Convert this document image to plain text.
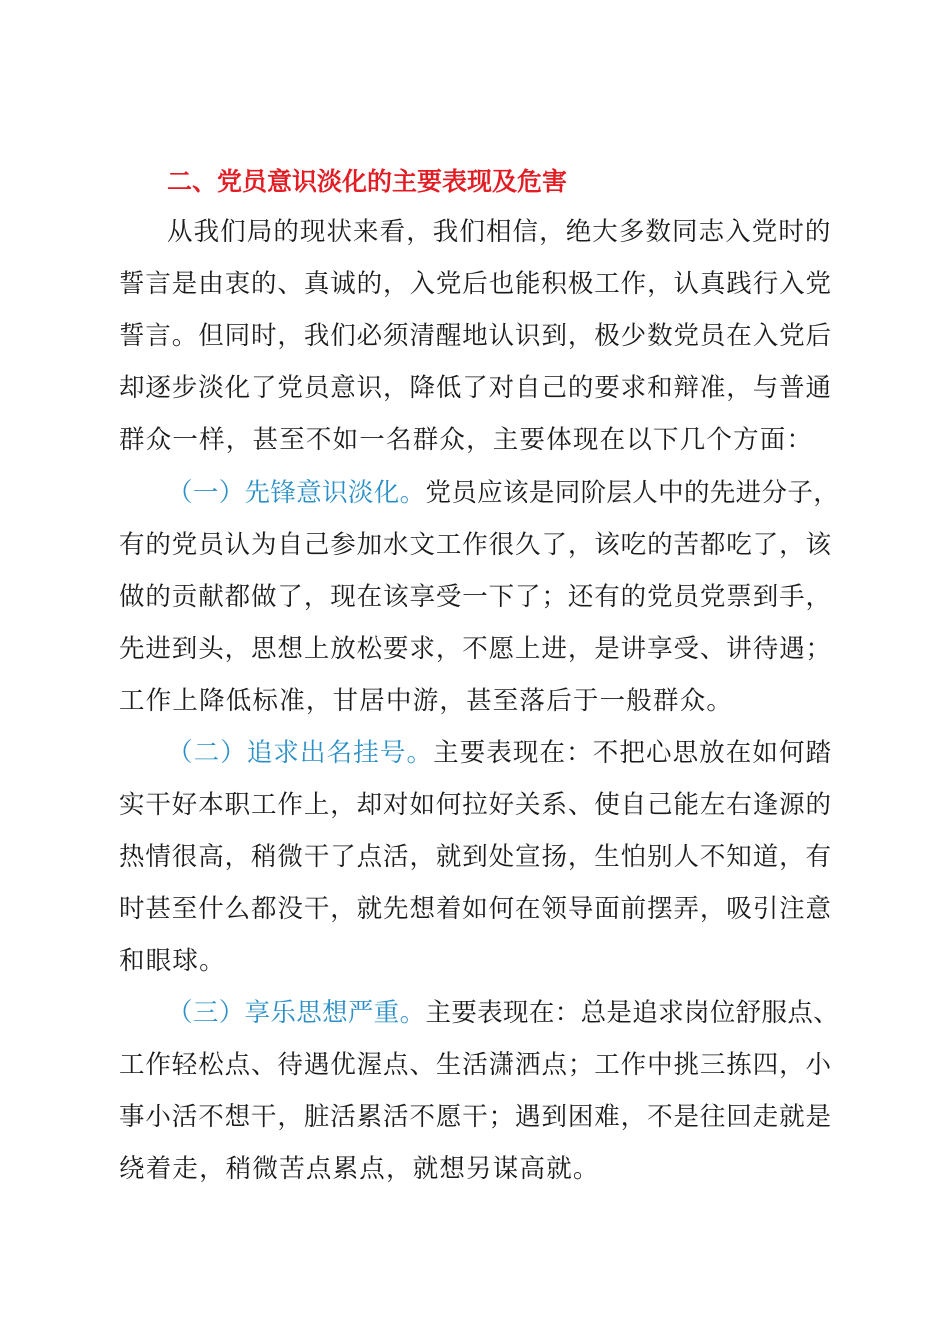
二、党员意识淡化的主要表现及危害
从我们局的现状来看，我们相信，绝大多数同志入党时的
誓言是由衷的、真诚的，入党后也能积极工作，认真践行入党
誓言。但同时，我们必须清醒地认识到，极少数党员在入党后
却逐步淡化了党员意识，降低了对自己的要求和辩准，与普通
群众一样，甚至不如一名群众，主要体现在以下几个方面：
（一）先锋意识淡化。党员应该是同阶层人中的先进分子，
有的党员认为自己参加水文工作很久了，该吃的苦都吃了，该
做的贡献都做了，现在该享受一下了；还有的党员党票到手，
先进到头，思想上放松要求，不愿上进，是讲享受、讲待遇；
工作上降低标准，甘居中游，甚至落后于一般群众。
（二）追求出名挂号。主要表现在：不把心思放在如何踏
实干好本职工作上，却对如何拉好关系、使自己能左右逢源的
热情很高，稍微干了点活，就到处宣扬，生怕别人不知道，有
时甚至什么都没干，就先想着如何在领导面前摆弄，吸引注意
和眼球。
（三）享乐思想严重。主要表现在：总是追求岗位舒服点、
工作轻松点、待遇优渥点、生活潇洒点；工作中挑三拣四，小
事小活不想干，脏活累活不愿干；遇到困难，不是往回走就是
绕着走，稍微苦点累点，就想另谋高就。
